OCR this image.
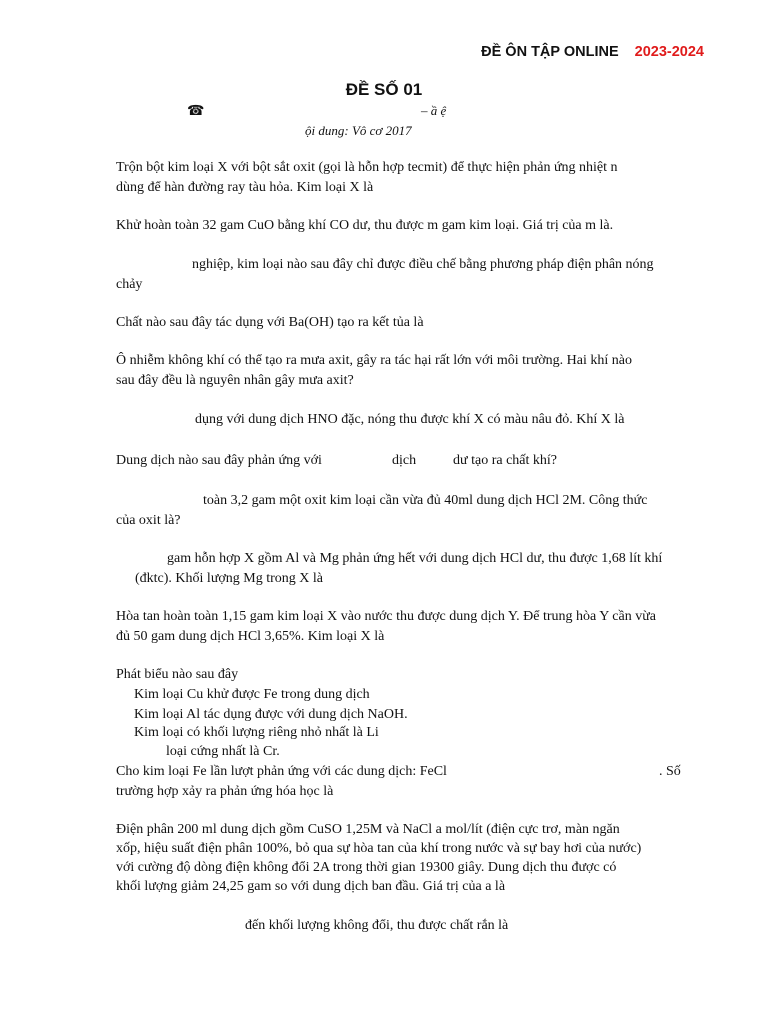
ĐỀ ÔN TẬP ONLINE 2023-2024
ĐỀ SỐ 01
☎	– ầ ệ
ội dung: Vô cơ 2017
Trộn bột kim loại X với bột sắt oxit (gọi là hỗn hợp tecmit) để thực hiện phản ứng nhiệt n
dùng để hàn đường ray tàu hỏa. Kim loại X là
Khử hoàn toàn 32 gam CuO bằng khí CO dư, thu được m gam kim loại. Giá trị của m là.
nghiệp, kim loại nào sau đây chỉ được điều chế bằng phương pháp điện phân nóng
chảy
Chất nào sau đây tác dụng với Ba(OH) tạo ra kết tủa là
Ô nhiễm không khí có thể tạo ra mưa axit, gây ra tác hại rất lớn với môi trường. Hai khí nào
sau đây đều là nguyên nhân gây mưa axit?
dụng với dung dịch HNO đặc, nóng thu được khí X có màu nâu đỏ. Khí X là
Dung dịch nào sau đây phản ứng với	dịch	dư tạo ra chất khí?
toàn 3,2 gam một oxit kim loại cần vừa đủ 40ml dung dịch HCl 2M. Công thức
của oxit là?
gam hỗn hợp X gồm Al và Mg phản ứng hết với dung dịch HCl dư, thu được 1,68 lít khí
(đktc). Khối lượng Mg trong X là
Hòa tan hoàn toàn 1,15 gam kim loại X vào nước thu được dung dịch Y. Để trung hòa Y cần vừa
đủ 50 gam dung dịch HCl 3,65%. Kim loại X là
Phát biểu nào sau đây
Kim loại Cu khử được Fe trong dung dịch
Kim loại Al tác dụng được với dung dịch NaOH.
Kim loại có khối lượng riêng nhỏ nhất là Li
loại cứng nhất là Cr.
Cho kim loại Fe lần lượt phản ứng với các dung dịch: FeCl	. Số
trường hợp xảy ra phản ứng hóa học là
Điện phân 200 ml dung dịch gồm CuSO 1,25M và NaCl a mol/lít (điện cực trơ, màn ngăn
xốp, hiệu suất điện phân 100%, bỏ qua sự hòa tan của khí trong nước và sự bay hơi của nước)
với cường độ dòng điện không đổi 2A trong thời gian 19300 giây. Dung dịch thu được có
khối lượng giảm 24,25 gam so với dung dịch ban đầu. Giá trị của a là
đến khối lượng không đổi, thu được chất rắn là
